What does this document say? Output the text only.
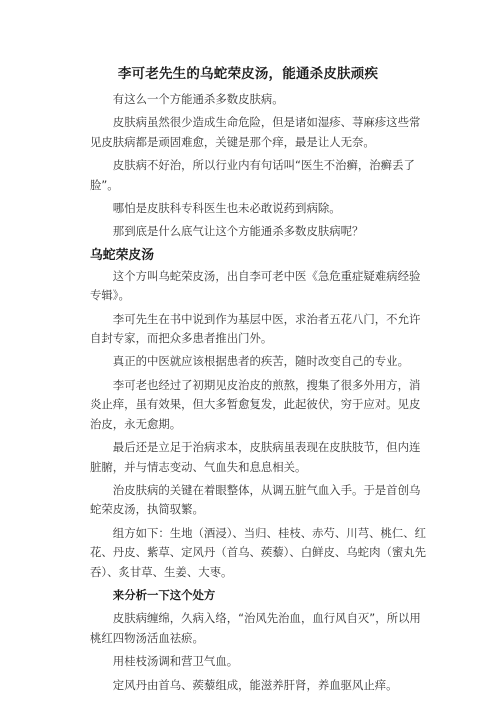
李可老先生的乌蛇荣皮汤，能通杀皮肤顽疾
有这么一个方能通杀多数皮肤病。
皮肤病虽然很少造成生命危险，但是诸如湿疹、荨麻疹这些常见皮肤病都是顽固难愈，关键是那个痒，最是让人无奈。
皮肤病不好治，所以行业内有句话叫“医生不治癣，治癣丢了脸”。
哪怕是皮肤科专科医生也未必敢说药到病除。
那到底是什么底气让这个方能通杀多数皮肤病呢？
乌蛇荣皮汤
这个方叫乌蛇荣皮汤，出自李可老中医《急危重症疑难病经验专辑》。
李可先生在书中说到作为基层中医，求治者五花八门，不允许自封专家，而把众多患者推出门外。
真正的中医就应该根据患者的疾苦，随时改变自己的专业。
李可老也经过了初期见皮治皮的煎熬，搜集了很多外用方，消炎止痒，虽有效果，但大多暂愈复发，此起彼伏，穷于应对。见皮治皮，永无愈期。
最后还是立足于治病求本，皮肤病虽表现在皮肤肢节，但内连脏腑，并与情志变动、气血失和息息相关。
治皮肤病的关键在着眼整体，从调五脏气血入手。于是首创乌蛇荣皮汤，执简驭繁。
组方如下：生地（酒浸）、当归、桂枝、赤芍、川芎、桃仁、红花、丹皮、紫草、定风丹（首乌、蒺藜）、白鲜皮、乌蛇肉（蜜丸先吞）、炙甘草、生姜、大枣。
来分析一下这个处方
皮肤病缠绵，久病入络，“治风先治血，血行风自灭”，所以用桃红四物汤活血祛瘀。
用桂枝汤调和营卫气血。
定风丹由首乌、蒺藜组成，能滋养肝肾，养血驱风止痒。
